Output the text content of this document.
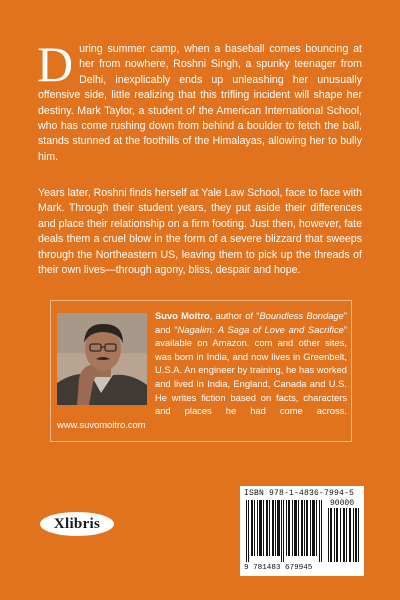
During summer camp, when a baseball comes bouncing at her from nowhere, Roshni Singh, a spunky teenager from Delhi, inexplicably ends up unleashing her unusually offensive side, little realizing that this trifling incident will shape her destiny. Mark Taylor, a student of the American International School, who has come rushing down from behind a boulder to fetch the ball, stands stunned at the foothills of the Himalayas, allowing her to bully him.

Years later, Roshni finds herself at Yale Law School, face to face with Mark. Through their student years, they put aside their differences and place their relationship on a firm footing. Just then, however, fate deals them a cruel blow in the form of a severe blizzard that sweeps through the Northeastern US, leaving them to pick up the threads of their own lives—through agony, bliss, despair and hope.

Suvo Moitro, author of “Boundless Bondage” and “Nagalim: A Saga of Love and Sacrifice” available on Amazon. com and other sites, was born in India, and now lives in Greenbelt, U.S.A. An engineer by training, he has worked and lived in India, England, Canada and U.S. He writes fiction based on facts, characters and places he had come across. www.suvomoitro.com

Xlibris
ISBN 978-1-4836-7994-5
90000
9 781483 679945
